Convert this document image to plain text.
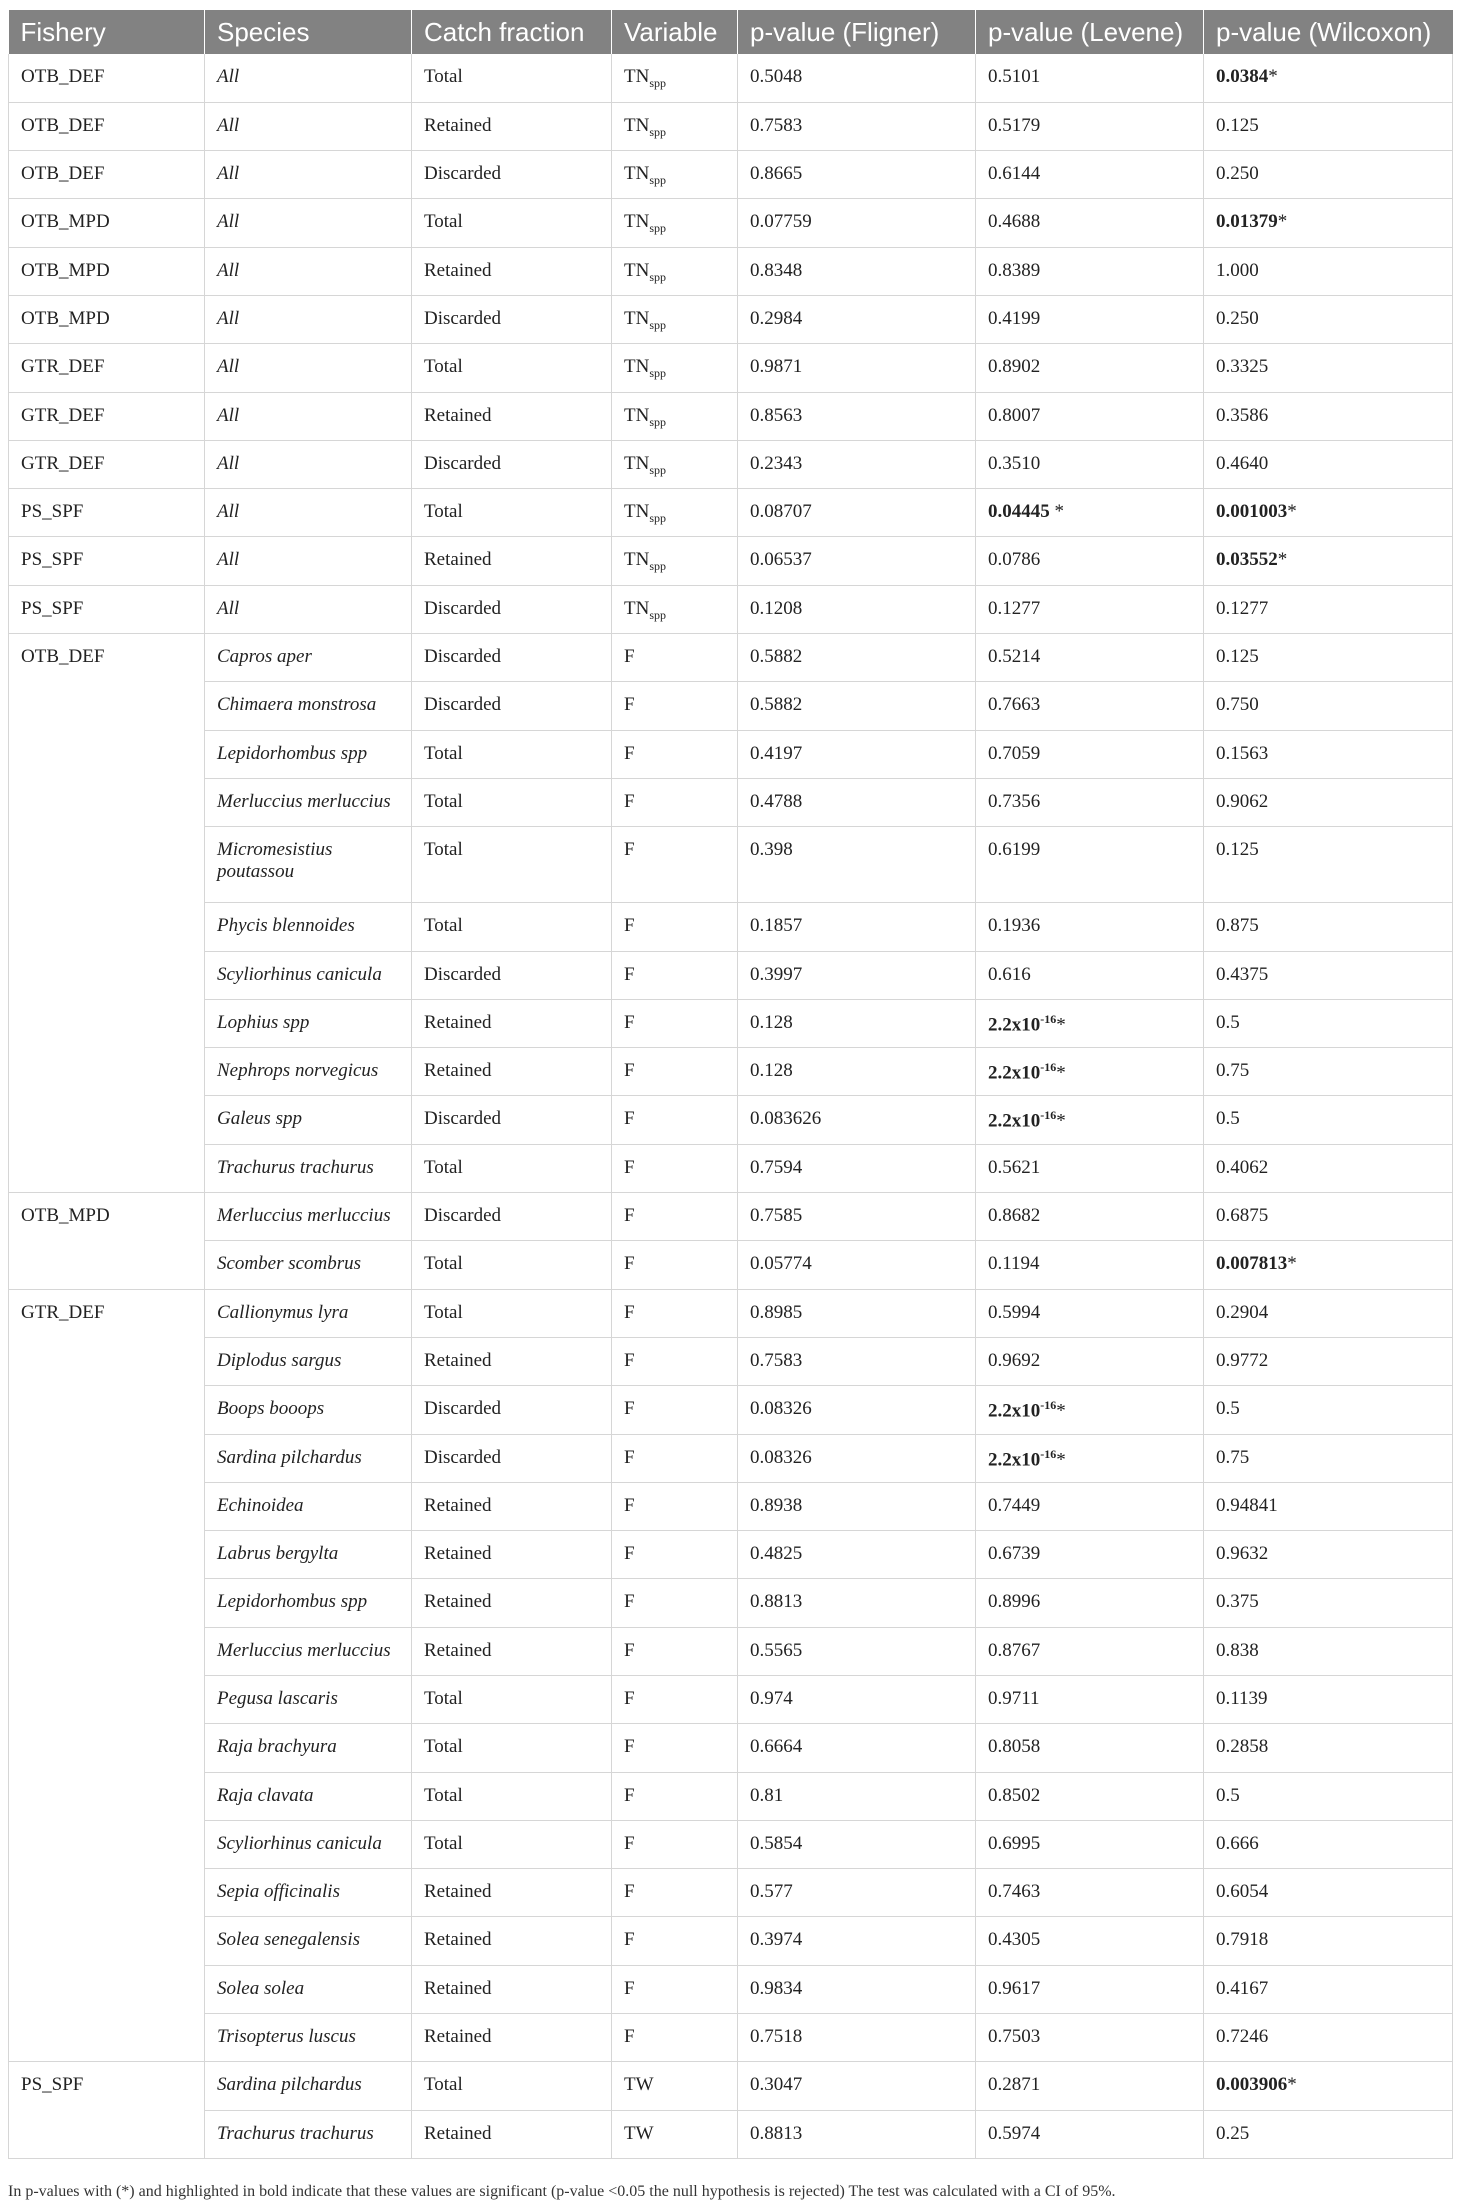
Fishery	Species	Catch fraction	Variable	p-value (Fligner)	p-value (Levene)	p-value (Wilcoxon)
OTB_DEF	All	Total	$TN_{spp}$	0.5048	0.5101	0.0384*
OTB_DEF	All	Retained	$TN_{spp}$	0.7583	0.5179	0.125
OTB_DEF	All	Discarded	$TN_{spp}$	0.8665	0.6144	0.250
OTB_MPD	All	Total	$TN_{spp}$	0.07759	0.4688	0.01379*
OTB_MPD	All	Retained	$TN_{spp}$	0.8348	0.8389	1.000
OTB_MPD	All	Discarded	$TN_{spp}$	0.2984	0.4199	0.250
GTR_DEF	All	Total	$TN_{spp}$	0.9871	0.8902	0.3325
GTR_DEF	All	Retained	$TN_{spp}$	0.8563	0.8007	0.3586
GTR_DEF	All	Discarded	$TN_{spp}$	0.2343	0.3510	0.4640
PS_SPF	All	Total	$TN_{spp}$	0.08707	0.04445 *	0.001003*
PS_SPF	All	Retained	$TN_{spp}$	0.06537	0.0786	0.03552*
PS_SPF	All	Discarded	$TN_{spp}$	0.1208	0.1277	0.1277
OTB_DEF	Capros aper	Discarded	F	0.5882	0.5214	0.125
	Chimaera monstrosa	Discarded	F	0.5882	0.7663	0.750
	Lepidorhombus spp	Total	F	0.4197	0.7059	0.1563
	Merluccius merluccius	Total	F	0.4788	0.7356	0.9062
	Micromesistius poutassou	Total	F	0.398	0.6199	0.125
	Phycis blennoides	Total	F	0.1857	0.1936	0.875
	Scyliorhinus canicula	Discarded	F	0.3997	0.616	0.4375
	Lophius spp	Retained	F	0.128	$2.2x10^{-16}*$	0.5
	Nephrops norvegicus	Retained	F	0.128	$2.2x10^{-16}*$	0.75
	Galeus spp	Discarded	F	0.083626	$2.2x10^{-16}*$	0.5
	Trachurus trachurus	Total	F	0.7594	0.5621	0.4062
OTB_MPD	Merluccius merluccius	Discarded	F	0.7585	0.8682	0.6875
	Scomber scombrus	Total	F	0.05774	0.1194	0.007813*
GTR_DEF	Callionymus lyra	Total	F	0.8985	0.5994	0.2904
	Diplodus sargus	Retained	F	0.7583	0.9692	0.9772
	Boops booops	Discarded	F	0.08326	$2.2x10^{-16}*$	0.5
	Sardina pilchardus	Discarded	F	0.08326	$2.2x10^{-16}*$	0.75
	Echinoidea	Retained	F	0.8938	0.7449	0.94841
	Labrus bergylta	Retained	F	0.4825	0.6739	0.9632
	Lepidorhombus spp	Retained	F	0.8813	0.8996	0.375
	Merluccius merluccius	Retained	F	0.5565	0.8767	0.838
	Pegusa lascaris	Total	F	0.974	0.9711	0.1139
	Raja brachyura	Total	F	0.6664	0.8058	0.2858
	Raja clavata	Total	F	0.81	0.8502	0.5
	Scyliorhinus canicula	Total	F	0.5854	0.6995	0.666
	Sepia officinalis	Retained	F	0.577	0.7463	0.6054
	Solea senegalensis	Retained	F	0.3974	0.4305	0.7918
	Solea solea	Retained	F	0.9834	0.9617	0.4167
	Trisopterus luscus	Retained	F	0.7518	0.7503	0.7246
PS_SPF	Sardina pilchardus	Total	TW	0.3047	0.2871	0.003906*
	Trachurus trachurus	Retained	TW	0.8813	0.5974	0.25
In p-values with (*) and highlighted in bold indicate that these values are significant (p-value <0.05 the null hypothesis is rejected) The test was calculated with a CI of 95%.
